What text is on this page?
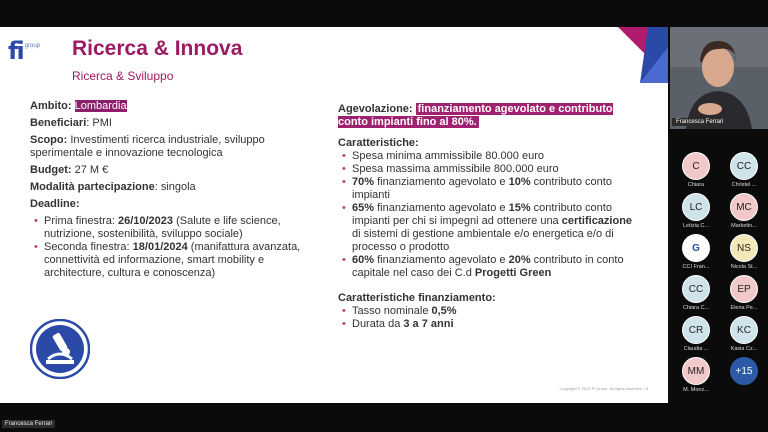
fi group Ricerca & Innova
Ricerca & Sviluppo
Ambito: Lombardia
Beneficiari: PMI
Scopo: Investimenti ricerca industriale, sviluppo sperimentale e innovazione tecnologica
Budget: 27 M €
Modalità partecipazione: singola
Deadline:
• Prima finestra: 26/10/2023 (Salute e life science, nutrizione, sostenibilità, sviluppo sociale)
• Seconda finestra: 18/01/2024 (manifattura avanzata, connettività ed informazione, smart mobility e architecture, cultura e conoscenza)
Agevolazione: finanziamento agevolato e contributo conto impianti fino al 80%.
Caratteristiche:
• Spesa minima ammissibile 80.000 euro
• Spesa massima ammissibile 800.000 euro
• 70% finanziamento agevolato e 10% contributo conto impianti
• 65% finanziamento agevolato e 15% contributo conto impianti per chi si impegni ad ottenere una certificazione di sistemi di gestione ambientale e/o energetica e/o di processo o prodotto
• 60% finanziamento agevolato e 20% contributo in conto capitale nel caso dei C.d Progetti Green
Caratteristiche finanziamento:
• Tasso nominale 0,5%
• Durata da 3 a 7 anni
Copyright © 2023 Fi Group. All rights reserved. / 6
Francesca Ferrari
C
Chiara
CC
Christel ...
LC
Letizia C...
MC
Marketin...
G
CCI Fran...
NS
Nicola St...
CC
Chiara C...
EP
Elena Pe...
CR
Claudia ...
KC
Kasia Cz...
MM
M. Monz...
+15
Francesca Ferrari
